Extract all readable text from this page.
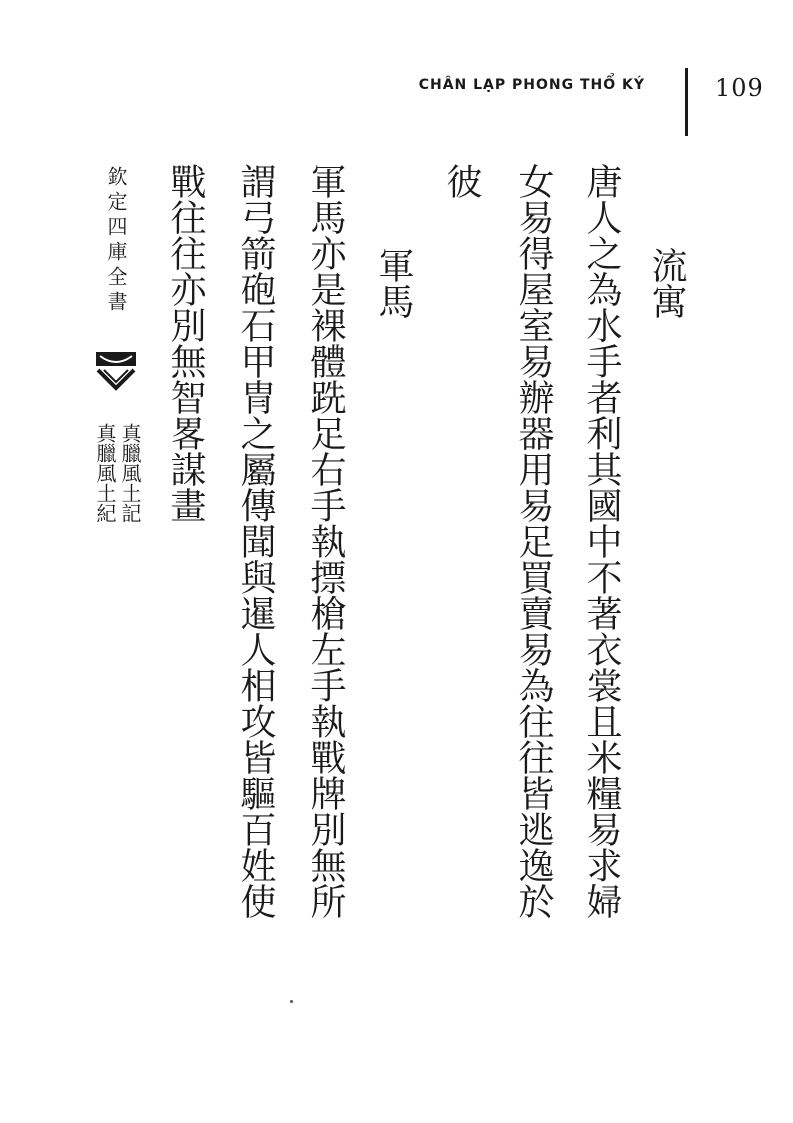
CHÂN LẠP PHONG THỔ KÝ	109
流寓
唐人之為水手者利其國中不著衣裳且米糧易求婦
女易得屋室易辦器用易足買賣易為往往皆逃逸於
彼
軍馬
軍馬亦是裸體跣足右手執摽槍左手執戰牌別無所
謂弓箭砲石甲冑之屬傳聞與暹人相攻皆驅百姓使
戰往往亦別無智畧謀畫
欽定四庫全書
真臘風土記
真臘風土紀
